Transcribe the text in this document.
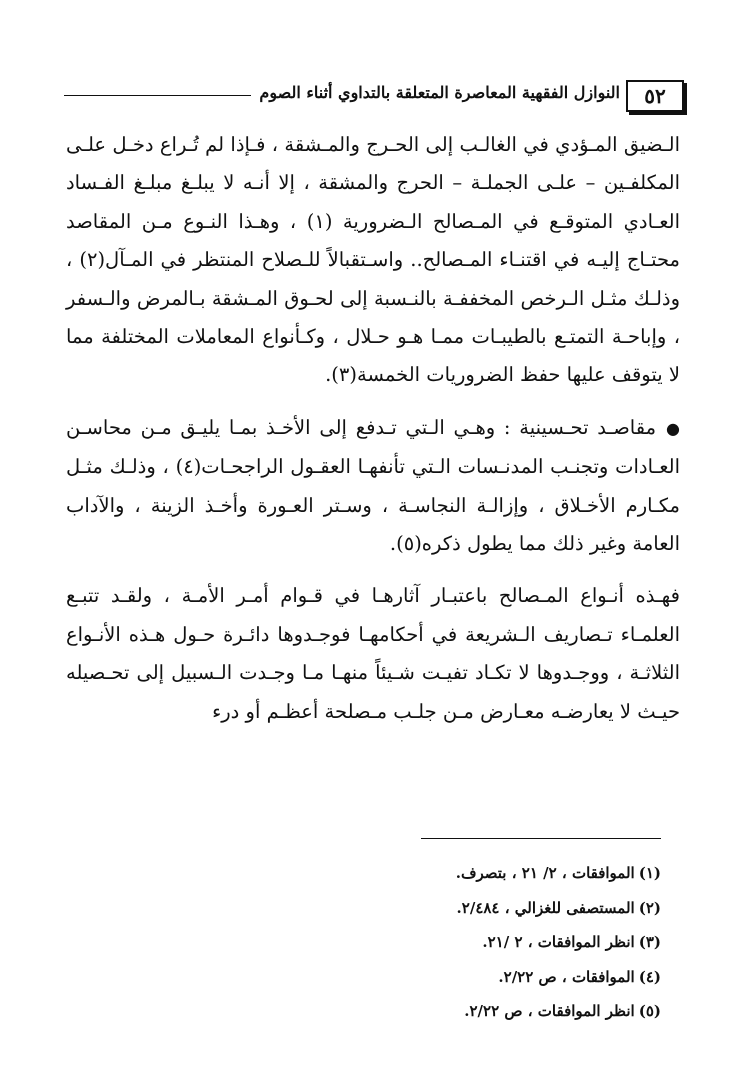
٥٢
النوازل الفقهية المعاصرة المتعلقة بالتداوي أثناء الصوم

الـضيق المـؤدي في الغالـب إلى الحـرج والمـشقة ، فـإذا لم تُـراع دخـل علـى المكلفـين – علـى الجملـة – الحرج والمشقة ، إلا أنـه لا يبلـغ مبلـغ الفـساد العـادي المتوقـع في المـصالح الـضرورية (١) ، وهـذا النـوع مـن المقاصد محتـاج إليـه في اقتنـاء المـصالح.. واسـتقبالاً للـصلاح المنتظر في المـآل(٢) ، وذلـك مثـل الـرخص المخففـة بالنـسبة إلى لحـوق المـشقة بـالمرض والـسفر ، وإباحـة التمتـع بالطيبـات ممـا هـو حـلال ، وكـأنواع المعاملات المختلفة مما لا يتوقف عليها حفظ الضروريات الخمسة(٣).

●مقاصـد تحـسينية : وهـي الـتي تـدفع إلى الأخـذ بمـا يليـق مـن محاسـن العـادات وتجنـب المدنـسات الـتي تأنفهـا العقـول الراجحـات(٤) ، وذلـك مثـل مكـارم الأخـلاق ، وإزالـة النجاسـة ، وسـتر العـورة وأخـذ الزينة ، والآداب العامة وغير ذلك مما يطول ذكره(٥).

فهـذه أنـواع المـصالح باعتبـار آثارهـا في قـوام أمـر الأمـة ، ولقـد تتبـع العلمـاء تـصاريف الـشريعة في أحكامهـا فوجـدوها دائـرة حـول هـذه الأنـواع الثلاثـة ، ووجـدوها لا تكـاد تفيـت شـيئاً منهـا مـا وجـدت الـسبيل إلى تحـصيله حيـث لا يعارضـه معـارض مـن جلـب مـصلحة أعظـم أو درء

(١)الموافقات ، ٢/ ٢١ ، بتصرف.
(٢)المستصفى للغزالي ، ٢/٤٨٤.
(٣)انظر الموافقات ، ٢ /٢١.
(٤)الموافقات ، ص ٢/٢٢.
(٥)انظر الموافقات ، ص ٢/٢٢.
